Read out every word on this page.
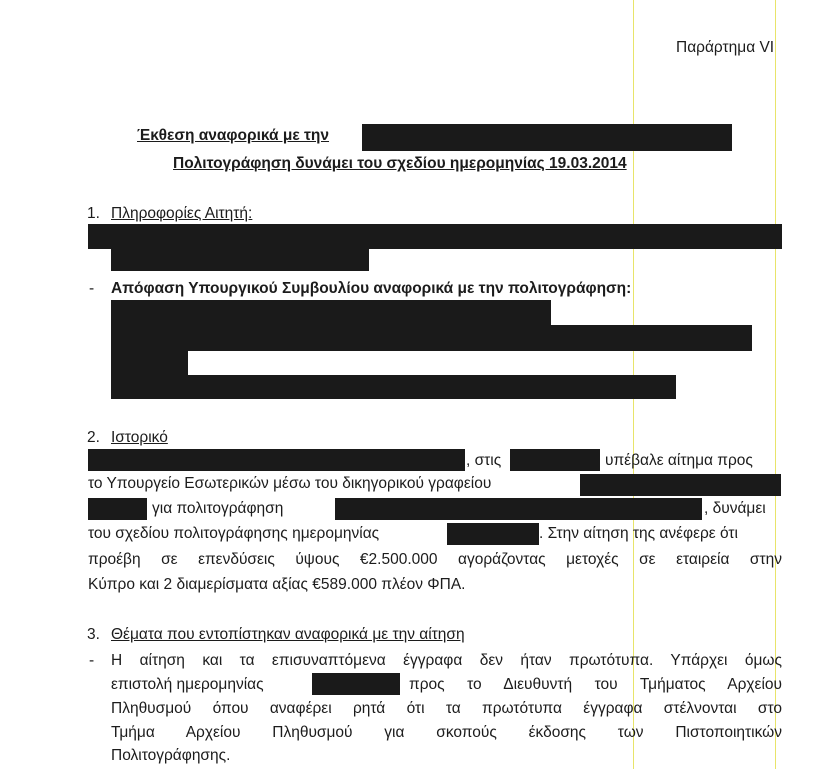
Παράρτημα VI
Έκθεση αναφορικά με την
Πολιτογράφηση δυνάμει του σχεδίου ημερομηνίας 19.03.2014
1. Πληροφορίες Αιτητή:
- Απόφαση Υπουργικού Συμβουλίου αναφορικά με την πολιτογράφηση:
2. Ιστορικό
, στις	υπέβαλε αίτημα προς
το Υπουργείο Εσωτερικών μέσω του δικηγορικού γραφείου
για πολιτογράφηση	, δυνάμει
του σχεδίου πολιτογράφησης ημερομηνίας	. Στην αίτηση της ανέφερε ότι
προέβη σε επενδύσεις ύψους €2.500.000 αγοράζοντας μετοχές σε εταιρεία στην
Κύπρο και 2 διαμερίσματα αξίας €589.000 πλέον ΦΠΑ.
3. Θέματα που εντοπίστηκαν αναφορικά με την αίτηση
- Η αίτηση και τα επισυναπτόμενα έγγραφα δεν ήταν πρωτότυπα. Υπάρχει όμως
επιστολή ημερομηνίας	προς το Διευθυντή του Τμήματος Αρχείου
Πληθυσμού όπου αναφέρει ρητά ότι τα πρωτότυπα έγγραφα στέλνονται στο
Τμήμα Αρχείου Πληθυσμού για σκοπούς έκδοσης των Πιστοποιητικών
Πολιτογράφησης.
